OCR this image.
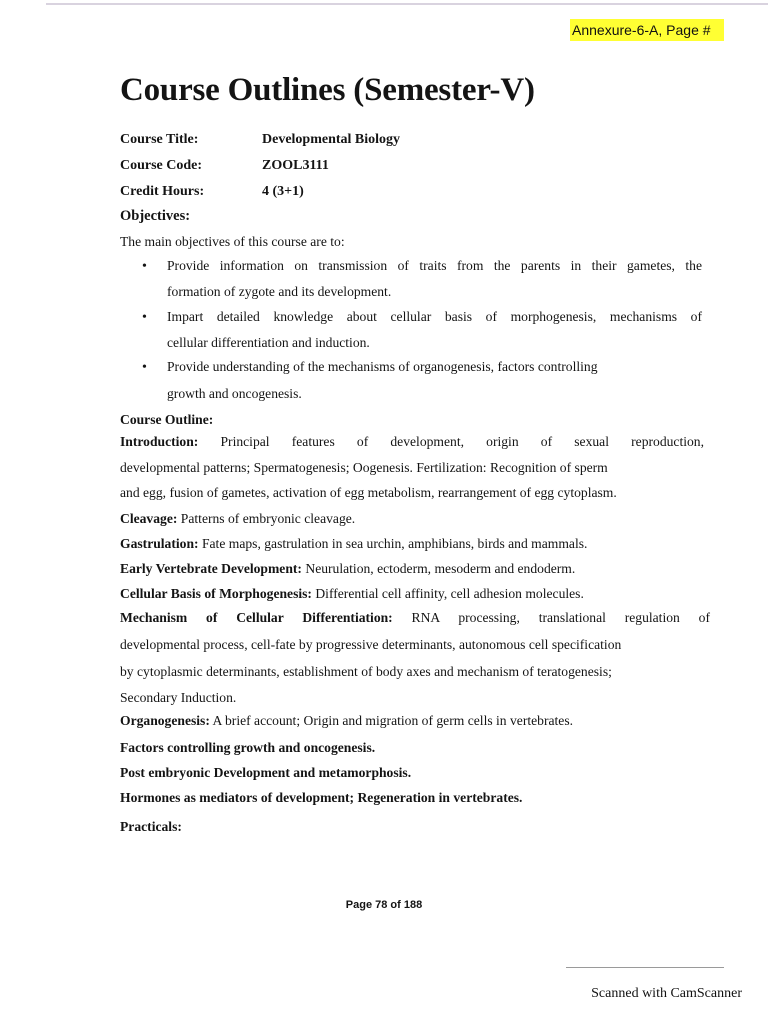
Annexure-6-A, Page #
Course Outlines (Semester-V)
Course Title:	Developmental Biology
Course Code:	ZOOL3111
Credit Hours:	4 (3+1)
Objectives:
The main objectives of this course are to:
• Provide information on transmission of traits from the parents in their gametes, the
formation of zygote and its development.
• Impart detailed knowledge about cellular basis of morphogenesis, mechanisms of
cellular differentiation and induction.
• Provide understanding of the mechanisms of organogenesis, factors controlling
growth and oncogenesis.
Course Outline:
Introduction: Principal features of development, origin of sexual reproduction,
developmental patterns; Spermatogenesis; Oogenesis. Fertilization: Recognition of sperm
and egg, fusion of gametes, activation of egg metabolism, rearrangement of egg cytoplasm.
Cleavage: Patterns of embryonic cleavage.
Gastrulation: Fate maps, gastrulation in sea urchin, amphibians, birds and mammals.
Early Vertebrate Development: Neurulation, ectoderm, mesoderm and endoderm.
Cellular Basis of Morphogenesis: Differential cell affinity, cell adhesion molecules.
Mechanism of Cellular Differentiation: RNA processing, translational regulation of
developmental process, cell-fate by progressive determinants, autonomous cell specification
by cytoplasmic determinants, establishment of body axes and mechanism of teratogenesis;
Secondary Induction.
Organogenesis: A brief account; Origin and migration of germ cells in vertebrates.
Factors controlling growth and oncogenesis.
Post embryonic Development and metamorphosis.
Hormones as mediators of development; Regeneration in vertebrates.
Practicals:
Page 78 of 188
Scanned with CamScanner
